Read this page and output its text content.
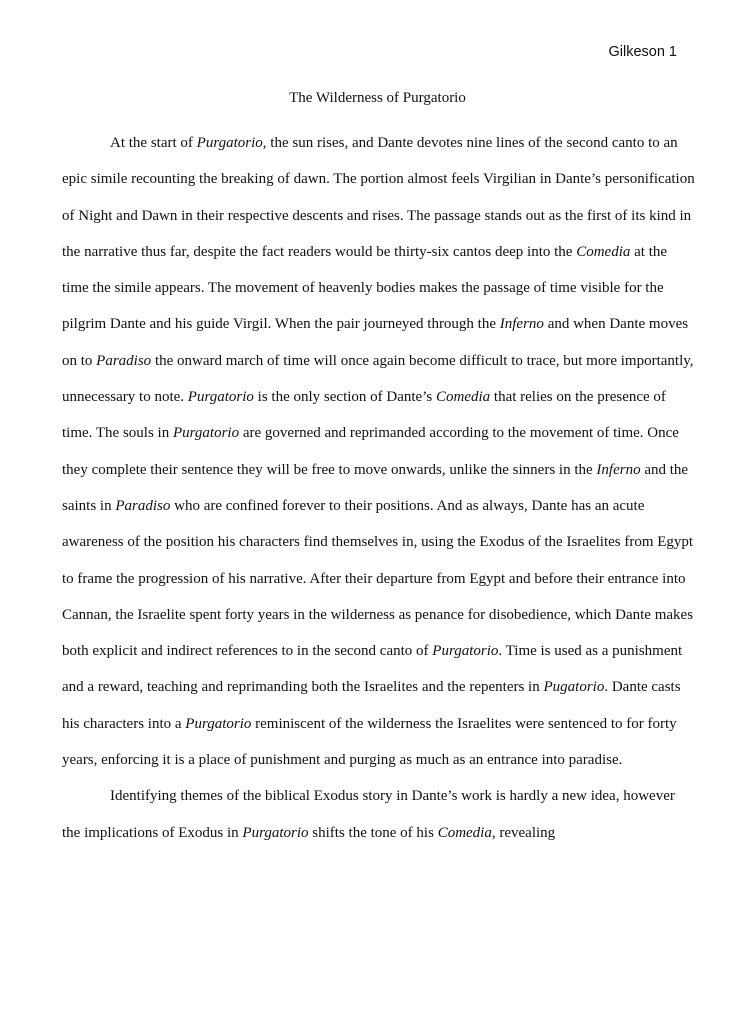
Gilkeson 1
The Wilderness of Purgatorio

At the start of Purgatorio, the sun rises, and Dante devotes nine lines of the second canto to an epic simile recounting the breaking of dawn. The portion almost feels Virgilian in Dante’s personification of Night and Dawn in their respective descents and rises. The passage stands out as the first of its kind in the narrative thus far, despite the fact readers would be thirty-six cantos deep into the Comedia at the time the simile appears. The movement of heavenly bodies makes the passage of time visible for the pilgrim Dante and his guide Virgil. When the pair journeyed through the Inferno and when Dante moves on to Paradiso the onward march of time will once again become difficult to trace, but more importantly, unnecessary to note. Purgatorio is the only section of Dante’s Comedia that relies on the presence of time. The souls in Purgatorio are governed and reprimanded according to the movement of time. Once they complete their sentence they will be free to move onwards, unlike the sinners in the Inferno and the saints in Paradiso who are confined forever to their positions. And as always, Dante has an acute awareness of the position his characters find themselves in, using the Exodus of the Israelites from Egypt to frame the progression of his narrative. After their departure from Egypt and before their entrance into Cannan, the Israelite spent forty years in the wilderness as penance for disobedience, which Dante makes both explicit and indirect references to in the second canto of Purgatorio. Time is used as a punishment and a reward, teaching and reprimanding both the Israelites and the repenters in Pugatorio. Dante casts his characters into a Purgatorio reminiscent of the wilderness the Israelites were sentenced to for forty years, enforcing it is a place of punishment and purging as much as an entrance into paradise.

Identifying themes of the biblical Exodus story in Dante’s work is hardly a new idea, however the implications of Exodus in Purgatorio shifts the tone of his Comedia, revealing
